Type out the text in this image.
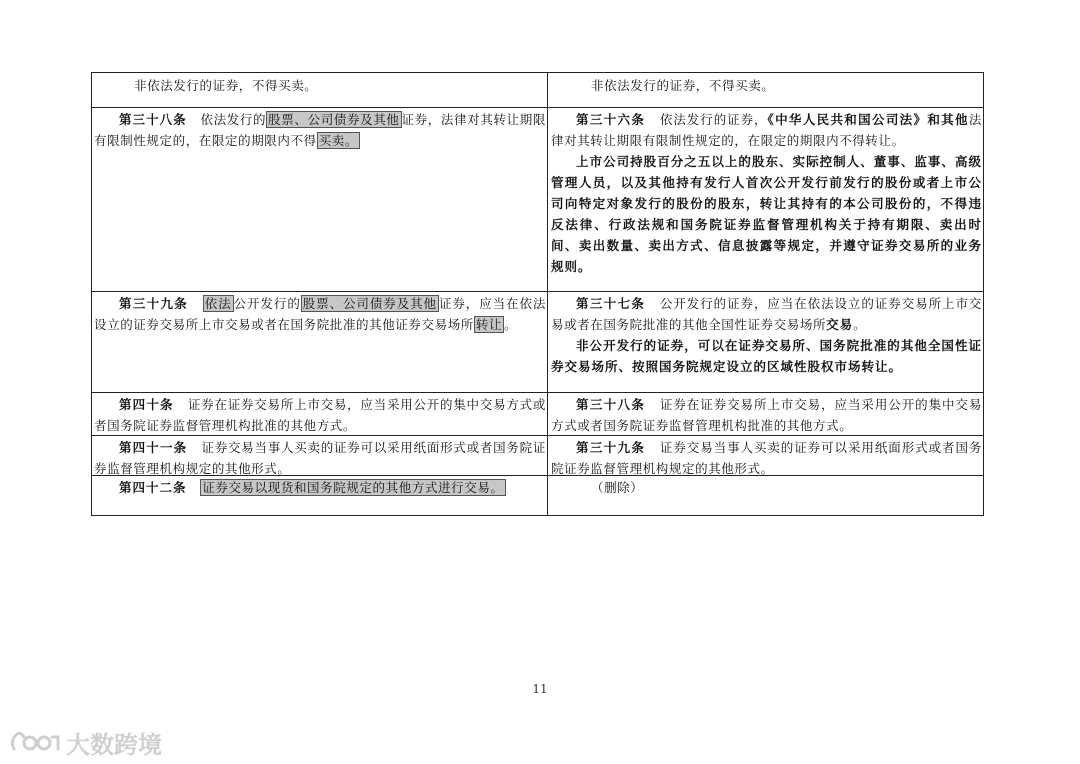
非依法发行的证券，不得买卖。	非依法发行的证券，不得买卖。
第三十八条 依法发行的 股票、公司债券及其他 证券，法律对其转让期限有限制性规定的，在限定的期限内不得 买卖。
第三十六条 依法发行的证券，《中华人民共和国公司法》和其他法律对其转让期限有限制性规定的，在限定的期限内不得转让。
上市公司持股百分之五以上的股东、实际控制人、董事、监事、高级管理人员，以及其他持有发行人首次公开发行前发行的股份或者上市公司向特定对象发行的股份的股东，转让其持有的本公司股份的，不得违反法律、行政法规和国务院证券监督管理机构关于持有期限、卖出时间、卖出数量、卖出方式、信息披露等规定，并遵守证券交易所的业务规则。
第三十九条 依法 公开发行的 股票、公司债券及其他 证券，应当在依法设立的证券交易所上市交易或者在国务院批准的其他证券交易场所 转让 。
第三十七条 公开发行的证券，应当在依法设立的证券交易所上市交易或者在国务院批准的其他全国性证券交易场所交易。
非公开发行的证券，可以在证券交易所、国务院批准的其他全国性证券交易场所、按照国务院规定设立的区域性股权市场转让。
第四十条 证券在证券交易所上市交易，应当采用公开的集中交易方式或者国务院证券监督管理机构批准的其他方式。
第三十八条 证券在证券交易所上市交易，应当采用公开的集中交易方式或者国务院证券监督管理机构批准的其他方式。
第四十一条 证券交易当事人买卖的证券可以采用纸面形式或者国务院证券监督管理机构规定的其他形式。
第三十九条 证券交易当事人买卖的证券可以采用纸面形式或者国务院证券监督管理机构规定的其他形式。
第四十二条 证券交易以现货和国务院规定的其他方式进行交易。	（删除）
11
大数跨境
